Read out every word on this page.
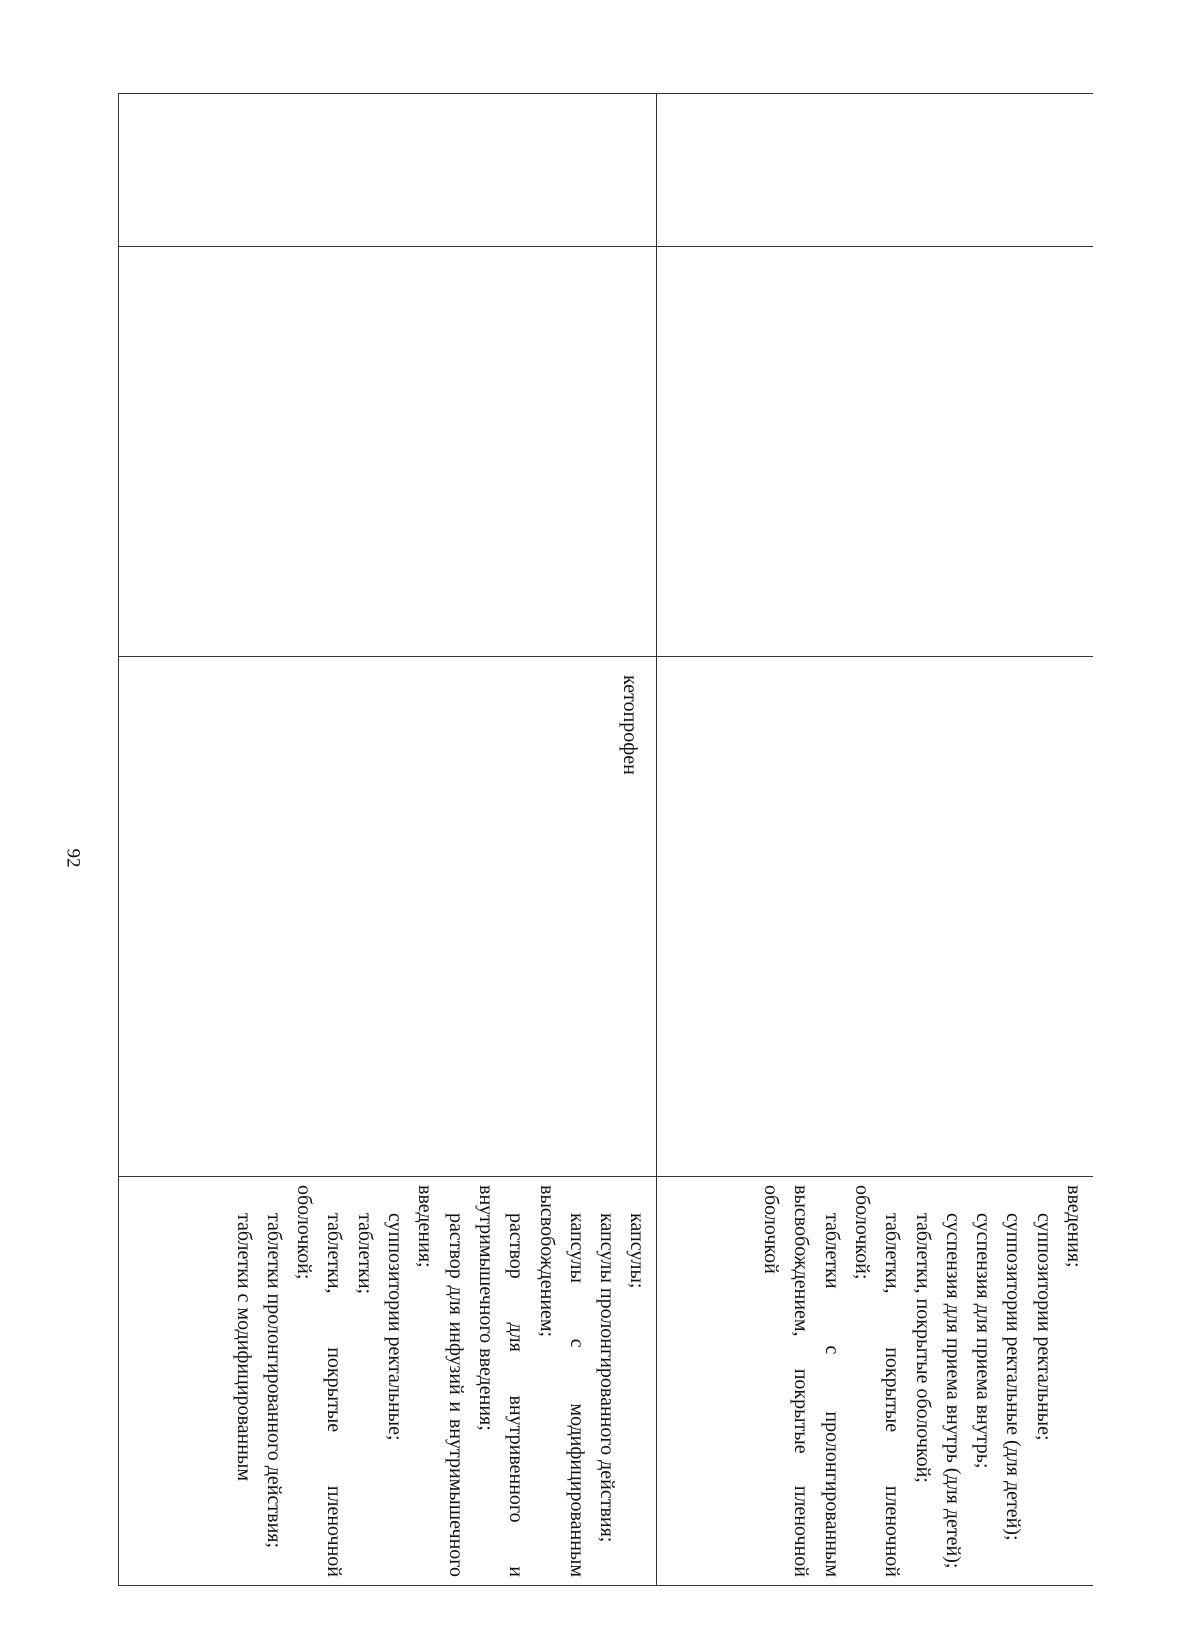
92
введения;
суппозитории ректальные;
суппозитории ректальные (для детей);
суспензия для приема внутрь;
суспензия для приема внутрь (для детей);
таблетки, покрытые оболочкой;
таблетки, покрытые пленочной оболочкой;
таблетки с пролонгированным высвобождением, покрытые пленочной оболочкой
кетопрофен
капсулы;
капсулы пролонгированного действия;
капсулы с модифицированным высвобождением;
раствор для внутривенного и внутримышечного введения;
раствор для инфузий и внутримышечного введения;
суппозитории ректальные;
таблетки;
таблетки, покрытые пленочной оболочкой;
таблетки пролонгированного действия;
таблетки с модифицированным
